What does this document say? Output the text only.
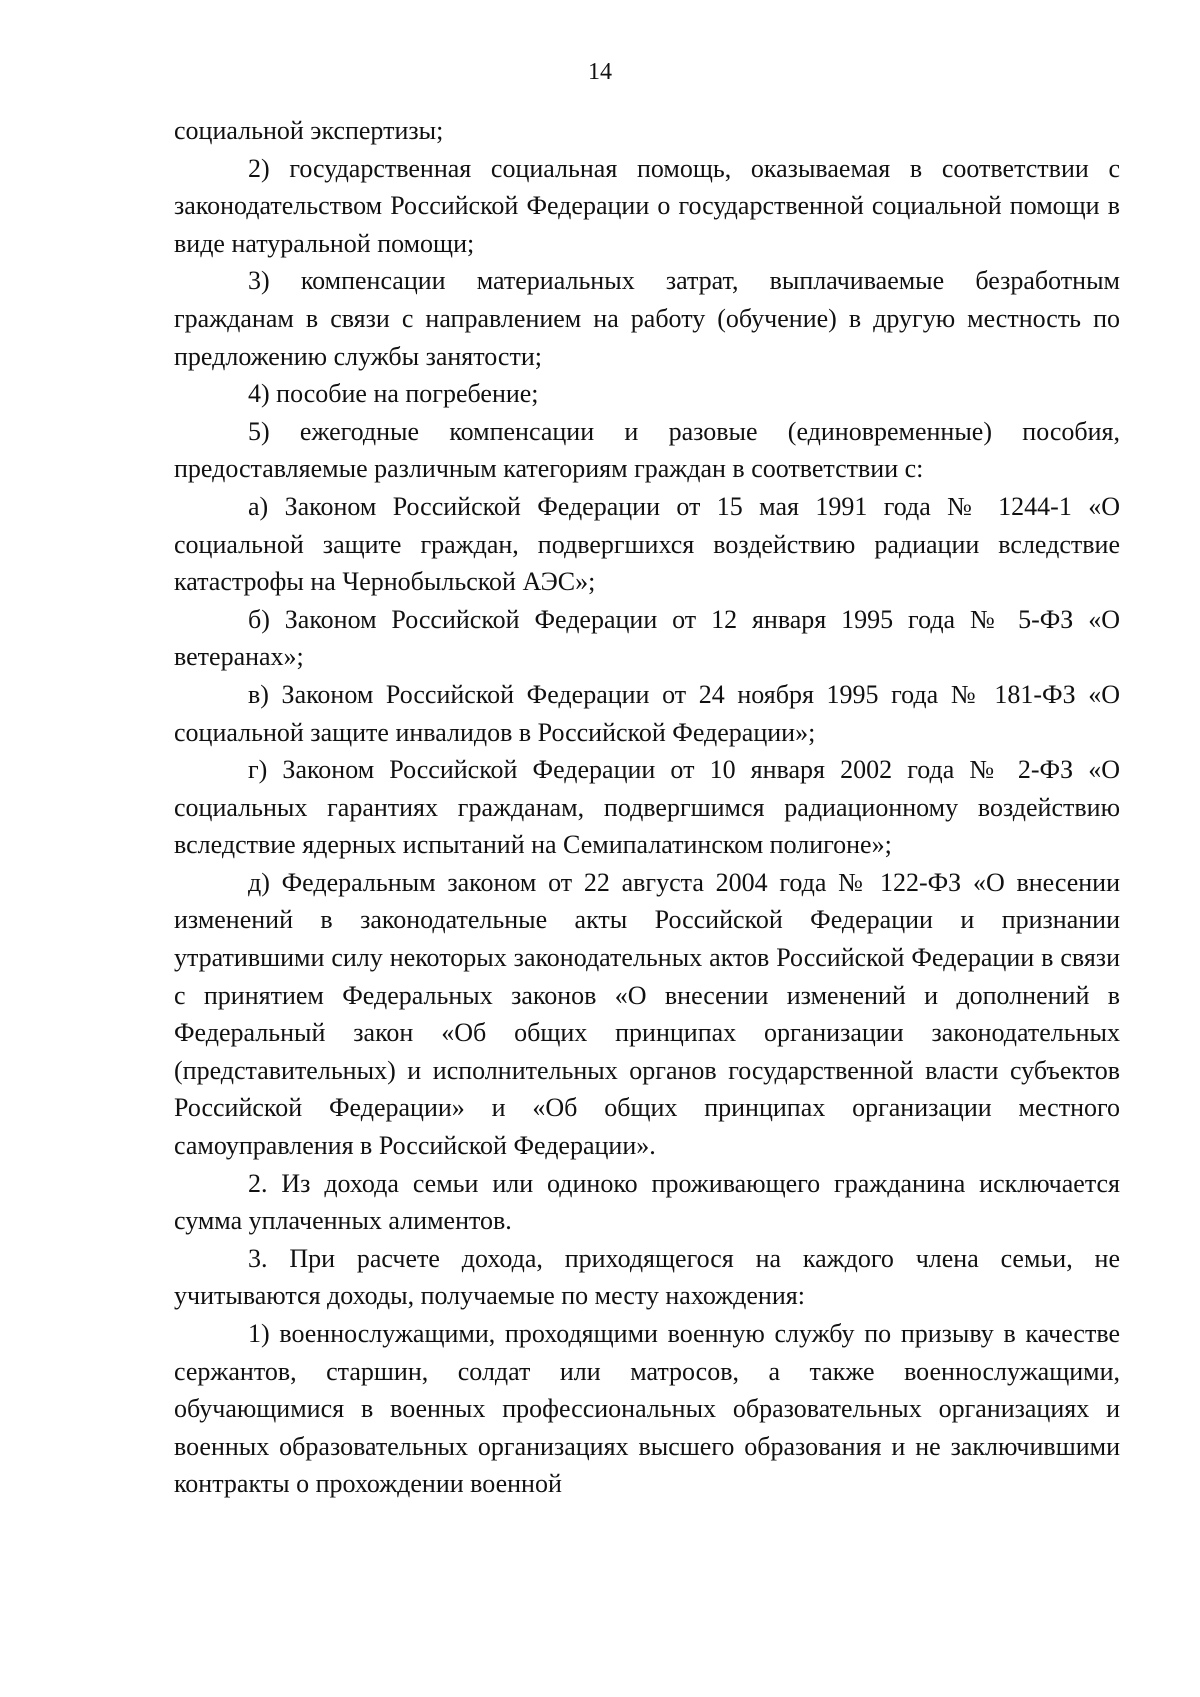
14

социальной экспертизы;

2) государственная социальная помощь, оказываемая в соответствии с законодательством Российской Федерации о государственной социальной помощи в виде натуральной помощи;

3) компенсации материальных затрат, выплачиваемые безработным гражданам в связи с направлением на работу (обучение) в другую местность по предложению службы занятости;

4) пособие на погребение;

5) ежегодные компенсации и разовые (единовременные) пособия, предоставляемые различным категориям граждан в соответствии с:

а) Законом Российской Федерации от 15 мая 1991 года № 1244-1 «О социальной защите граждан, подвергшихся воздействию радиации вследствие катастрофы на Чернобыльской АЭС»;

б) Законом Российской Федерации от 12 января 1995 года № 5-ФЗ «О ветеранах»;

в) Законом Российской Федерации от 24 ноября 1995 года № 181-ФЗ «О социальной защите инвалидов в Российской Федерации»;

г) Законом Российской Федерации от 10 января 2002 года № 2-ФЗ «О социальных гарантиях гражданам, подвергшимся радиационному воздействию вследствие ядерных испытаний на Семипалатинском полигоне»;

д) Федеральным законом от 22 августа 2004 года № 122-ФЗ «О внесении изменений в законодательные акты Российской Федерации и признании утратившими силу некоторых законодательных актов Российской Федерации в связи с принятием Федеральных законов «О внесении изменений и дополнений в Федеральный закон «Об общих принципах организации законодательных (представительных) и исполнительных органов государственной власти субъектов Российской Федерации» и «Об общих принципах организации местного самоуправления в Российской Федерации».

2. Из дохода семьи или одиноко проживающего гражданина исключается сумма уплаченных алиментов.

3. При расчете дохода, приходящегося на каждого члена семьи, не учитываются доходы, получаемые по месту нахождения:

1) военнослужащими, проходящими военную службу по призыву в качестве сержантов, старшин, солдат или матросов, а также военнослужащими, обучающимися в военных профессиональных образовательных организациях и военных образовательных организациях высшего образования и не заключившими контракты о прохождении военной
